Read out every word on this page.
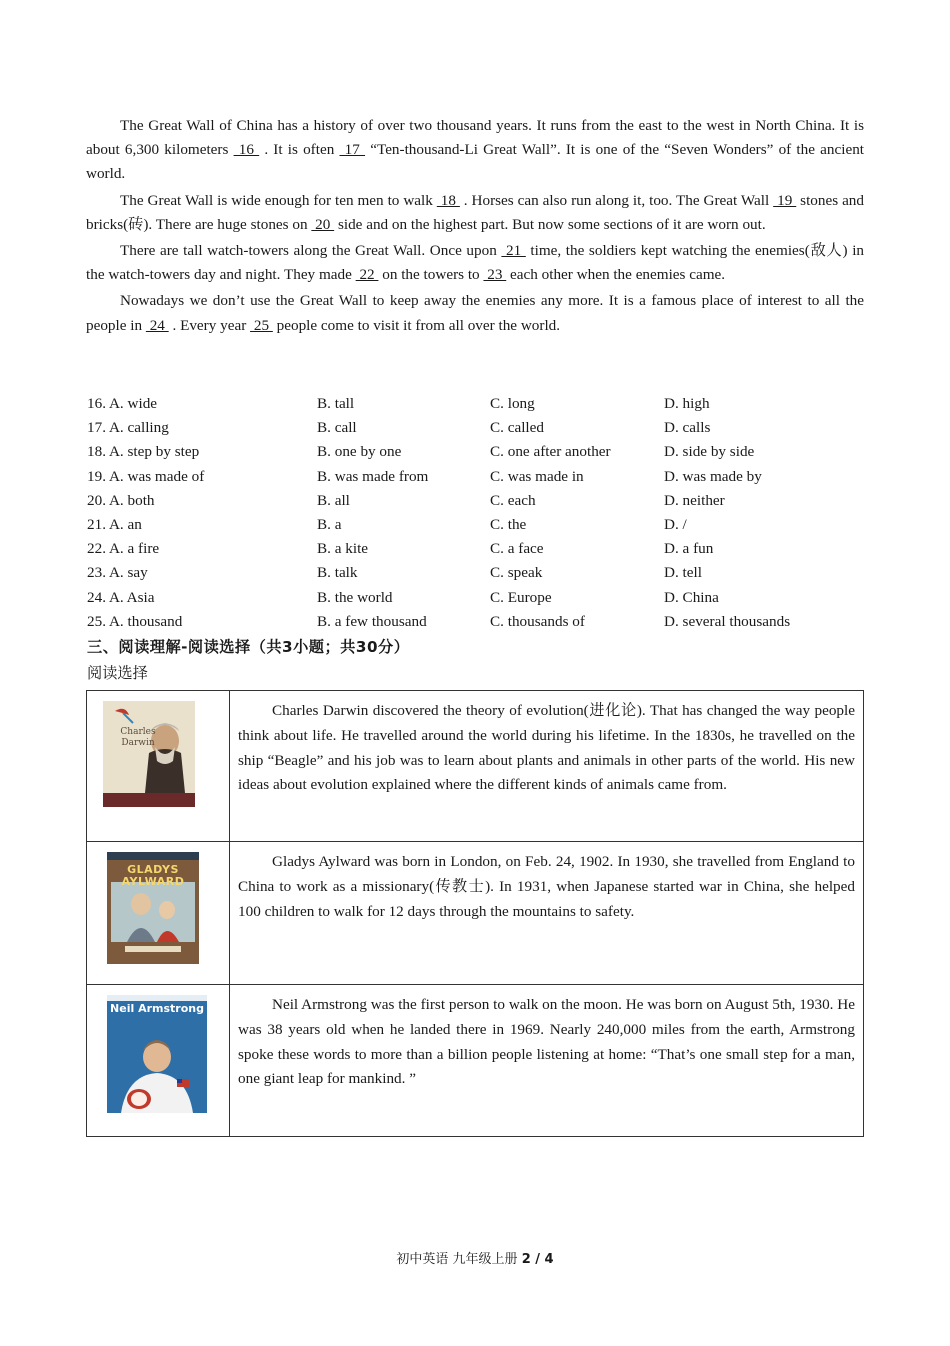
The Great Wall of China has a history of over two thousand years. It runs from the east to the west in North China. It is about 6,300 kilometers  16  . It is often  17  “Ten-thousand-Li Great Wall”. It is one of the “Seven Wonders” of the ancient world.

The Great Wall is wide enough for ten men to walk  18  . Horses can also run along it, too. The Great Wall  19  stones and bricks(砖). There are huge stones on  20  side and on the highest part. But now some sections of it are worn out.

There are tall watch-towers along the Great Wall. Once upon  21  time, the soldiers kept watching the enemies(敌人) in the watch-towers day and night. They made  22  on the towers to  23  each other when the enemies came.

Nowadays we don’t use the Great Wall to keep away the enemies any more. It is a famous place of interest to all the people in  24  . Every year  25  people come to visit it from all over the world.

16. A. wide	B. tall	C. long	D. high
17. A. calling	B. call	C. called	D. calls
18. A. step by step	B. one by one	C. one after another	D. side by side
19. A. was made of	B. was made from	C. was made in	D. was made by
20. A. both	B. all	C. each	D. neither
21. A. an	B. a	C. the	D. /
22. A. a fire	B. a kite	C. a face	D. a fun
23. A. say	B. talk	C. speak	D. tell
24. A. Asia	B. the world	C. Europe	D. China
25. A. thousand	B. a few thousand	C. thousands of	D. several thousands
三、阅读理解-阅读选择（共3小题；共30分）
阅读选择
Charles Darwin	Charles Darwin discovered the theory of evolution(进化论). That has changed the way people think about life. He travelled around the world during his lifetime. In the 1830s, he travelled on the ship “Beagle” and his job was to learn about plants and animals in other parts of the world. His new ideas about evolution explained where the different kinds of animals came from.

GLADYS AYLWARD	Gladys Aylward was born in London, on Feb. 24, 1902. In 1930, she travelled from England to China to work as a missionary(传教士). In 1931, when Japanese started war in China, she helped 100 children to walk for 12 days through the mountains to safety.

Neil Armstrong	Neil Armstrong was the first person to walk on the moon. He was born on August 5th, 1930. He was 38 years old when he landed there in 1969. Nearly 240,000 miles from the earth, Armstrong spoke these words to more than a billion people listening at home: “That’s one small step for a man, one giant leap for mankind. ”
初中英语 九年级上册 2 / 4
